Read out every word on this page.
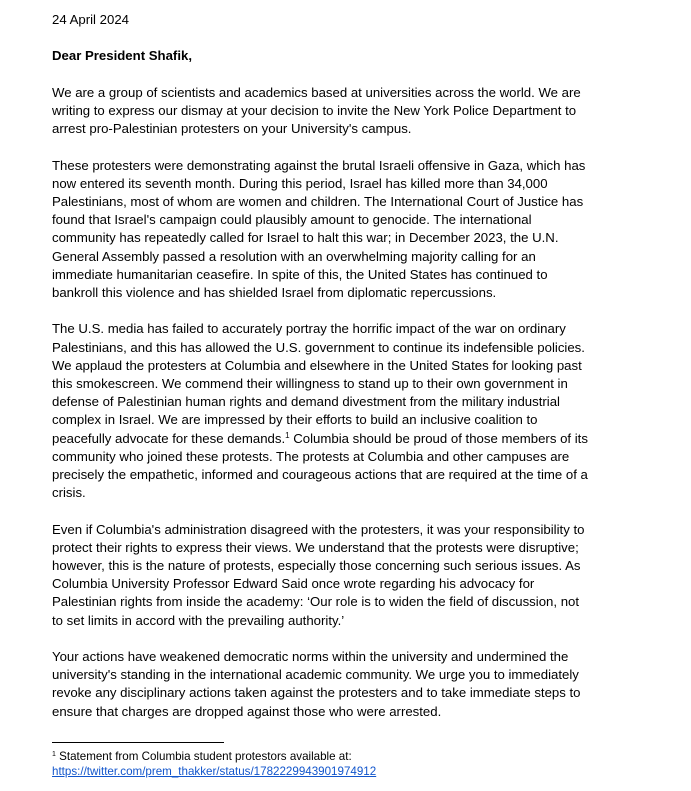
24 April 2024
Dear President Shafik,
We are a group of scientists and academics based at universities across the world. We are
writing to express our dismay at your decision to invite the New York Police Department to
arrest pro-Palestinian protesters on your University's campus.
These protesters were demonstrating against the brutal Israeli offensive in Gaza, which has
now entered its seventh month. During this period, Israel has killed more than 34,000
Palestinians, most of whom are women and children. The International Court of Justice has
found that Israel's campaign could plausibly amount to genocide. The international
community has repeatedly called for Israel to halt this war; in December 2023, the U.N.
General Assembly passed a resolution with an overwhelming majority calling for an
immediate humanitarian ceasefire. In spite of this, the United States has continued to
bankroll this violence and has shielded Israel from diplomatic repercussions.
The U.S. media has failed to accurately portray the horrific impact of the war on ordinary
Palestinians, and this has allowed the U.S. government to continue its indefensible policies.
We applaud the protesters at Columbia and elsewhere in the United States for looking past
this smokescreen. We commend their willingness to stand up to their own government in
defense of Palestinian human rights and demand divestment from the military industrial
complex in Israel. We are impressed by their efforts to build an inclusive coalition to
peacefully advocate for these demands.$^1$ Columbia should be proud of those members of its
community who joined these protests. The protests at Columbia and other campuses are
precisely the empathetic, informed and courageous actions that are required at the time of a
crisis.
Even if Columbia's administration disagreed with the protesters, it was your responsibility to
protect their rights to express their views. We understand that the protests were disruptive;
however, this is the nature of protests, especially those concerning such serious issues. As
Columbia University Professor Edward Said once wrote regarding his advocacy for
Palestinian rights from inside the academy: ‘Our role is to widen the field of discussion, not
to set limits in accord with the prevailing authority.’
Your actions have weakened democratic norms within the university and undermined the
university's standing in the international academic community. We urge you to immediately
revoke any disciplinary actions taken against the protesters and to take immediate steps to
ensure that charges are dropped against those who were arrested.
$^1$ Statement from Columbia student protestors available at:
https://twitter.com/prem_thakker/status/1782229943901974912
